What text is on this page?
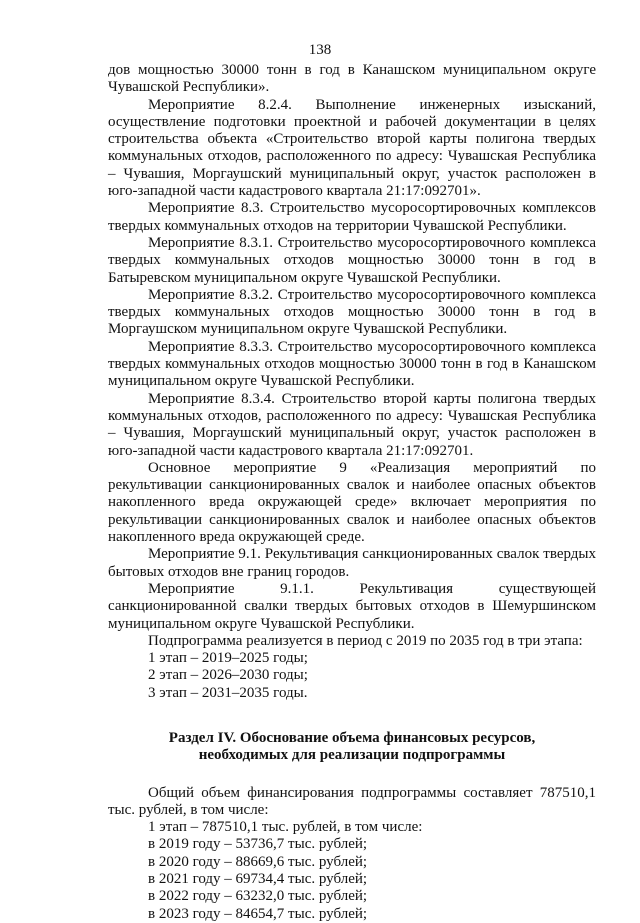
138

дов мощностью 30000 тонн в год в Канашском муниципальном округе Чувашской Республики».

Мероприятие 8.2.4. Выполнение инженерных изысканий, осуществление подготовки проектной и рабочей документации в целях строительства объекта «Строительство второй карты полигона твердых коммунальных отходов, расположенного по адресу: Чувашская Республика – Чувашия, Моргаушский муниципальный округ, участок расположен в юго-западной части кадастрового квартала 21:17:092701».

Мероприятие 8.3. Строительство мусоросортировочных комплексов твердых коммунальных отходов на территории Чувашской Республики.

Мероприятие 8.3.1. Строительство мусоросортировочного комплекса твердых коммунальных отходов мощностью 30000 тонн в год в Батыревском муниципальном округе Чувашской Республики.

Мероприятие 8.3.2. Строительство мусоросортировочного комплекса твердых коммунальных отходов мощностью 30000 тонн в год в Моргаушском муниципальном округе Чувашской Республики.

Мероприятие 8.3.3. Строительство мусоросортировочного комплекса твердых коммунальных отходов мощностью 30000 тонн в год в Канашском муниципальном округе Чувашской Республики.

Мероприятие 8.3.4. Строительство второй карты полигона твердых коммунальных отходов, расположенного по адресу: Чувашская Республика – Чувашия, Моргаушский муниципальный округ, участок расположен в юго-западной части кадастрового квартала 21:17:092701.

Основное мероприятие 9 «Реализация мероприятий по рекультивации санкционированных свалок и наиболее опасных объектов накопленного вреда окружающей среде» включает мероприятия по рекультивации санкционированных свалок и наиболее опасных объектов накопленного вреда окружающей среде.

Мероприятие 9.1. Рекультивация санкционированных свалок твердых бытовых отходов вне границ городов.

Мероприятие 9.1.1. Рекультивация существующей санкционированной свалки твердых бытовых отходов в Шемуршинском муниципальном округе Чувашской Республики.

Подпрограмма реализуется в период с 2019 по 2035 год в три этапа:

1 этап – 2019–2025 годы;

2 этап – 2026–2030 годы;

3 этап – 2031–2035 годы.

Раздел IV. Обоснование объема финансовых ресурсов,
необходимых для реализации подпрограммы

Общий объем финансирования подпрограммы составляет 787510,1 тыс. рублей, в том числе:

1 этап – 787510,1 тыс. рублей, в том числе:

в 2019 году – 53736,7 тыс. рублей;

в 2020 году – 88669,6 тыс. рублей;

в 2021 году – 69734,4 тыс. рублей;

в 2022 году – 63232,0 тыс. рублей;

в 2023 году – 84654,7 тыс. рублей;
